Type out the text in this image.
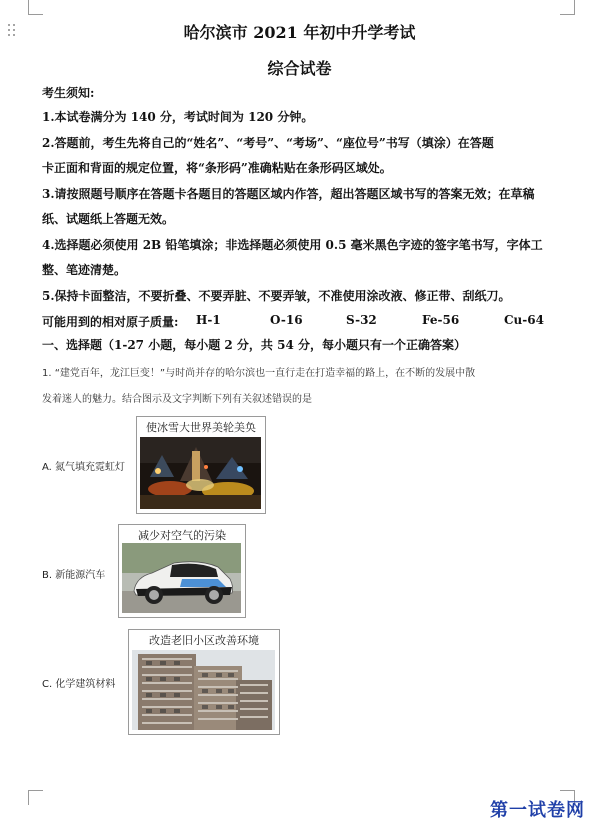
哈尔滨市 2021 年初中升学考试
综合试卷
考生须知:
1.本试卷满分为 140 分，考试时间为 120 分钟。
2.答题前，考生先将自己的“姓名”、“考号”、“考场”、“座位号”书写（填涂）在答题
卡正面和背面的规定位置，将“条形码”准确粘贴在条形码区域处。
3.请按照题号顺序在答题卡各题目的答题区域内作答，超出答题区域书写的答案无效；在草稿
纸、试题纸上答题无效。
4.选择题必须使用 2B 铅笔填涂；非选择题必须使用 0.5 毫米黑色字迹的签字笔书写，字体工
整、笔迹清楚。
5.保持卡面整洁，不要折叠、不要弄脏、不要弄皱，不准使用涂改液、修正带、刮纸刀。
可能用到的相对原子质量: H-1	O-16	S-32	Fe-56	Cu-64
一、选择题（1-27 小题，每小题 2 分，共 54 分，每小题只有一个正确答案）
1. “建党百年，龙江巨变！”与时尚并存的哈尔滨也一直行走在打造幸福的路上，在不断的发展中散
发着迷人的魅力。结合图示及文字判断下列有关叙述错误的是
A. 氮气填充霓虹灯
使冰雪大世界美轮美奂
B. 新能源汽车
减少对空气的污染
C. 化学建筑材料
改造老旧小区改善环境
第一试卷网
